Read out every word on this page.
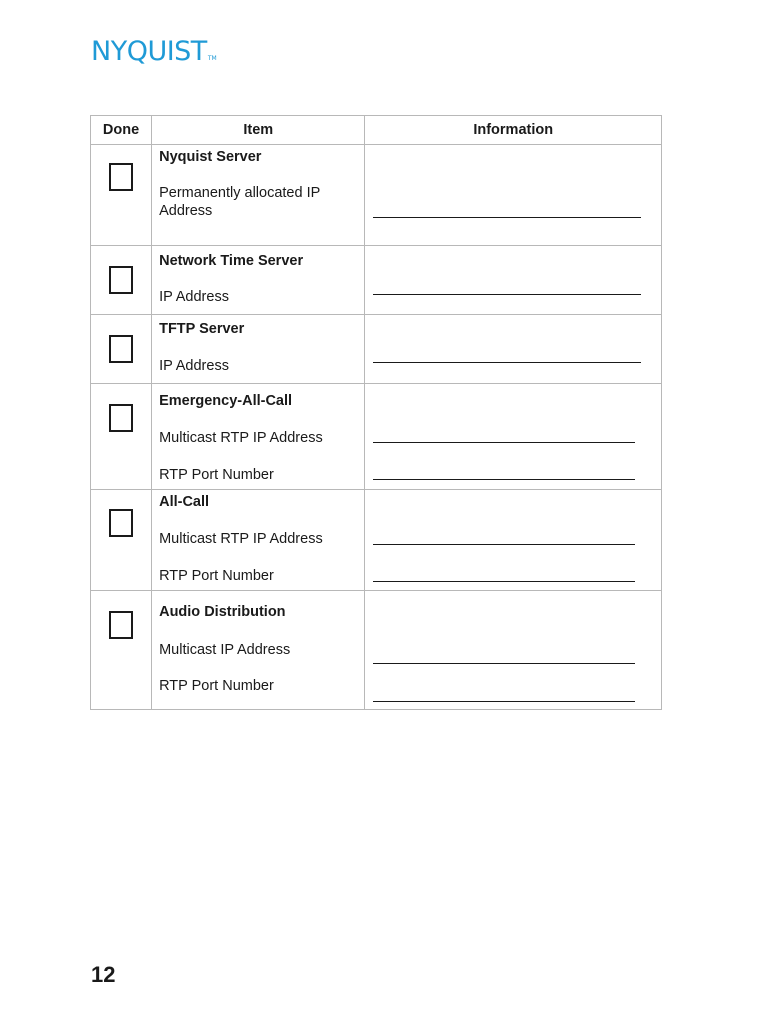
NYQUISTTM
Done	Item	Information

	Nyquist Server
Permanently allocated IP Address	

	Network Time Server
IP Address	

	TFTP Server
IP Address	

	Emergency-All-Call
Multicast RTP IP Address
RTP Port Number	

	All-Call
Multicast RTP IP Address
RTP Port Number	

	Audio Distribution
Multicast IP Address
RTP Port Number	

12
